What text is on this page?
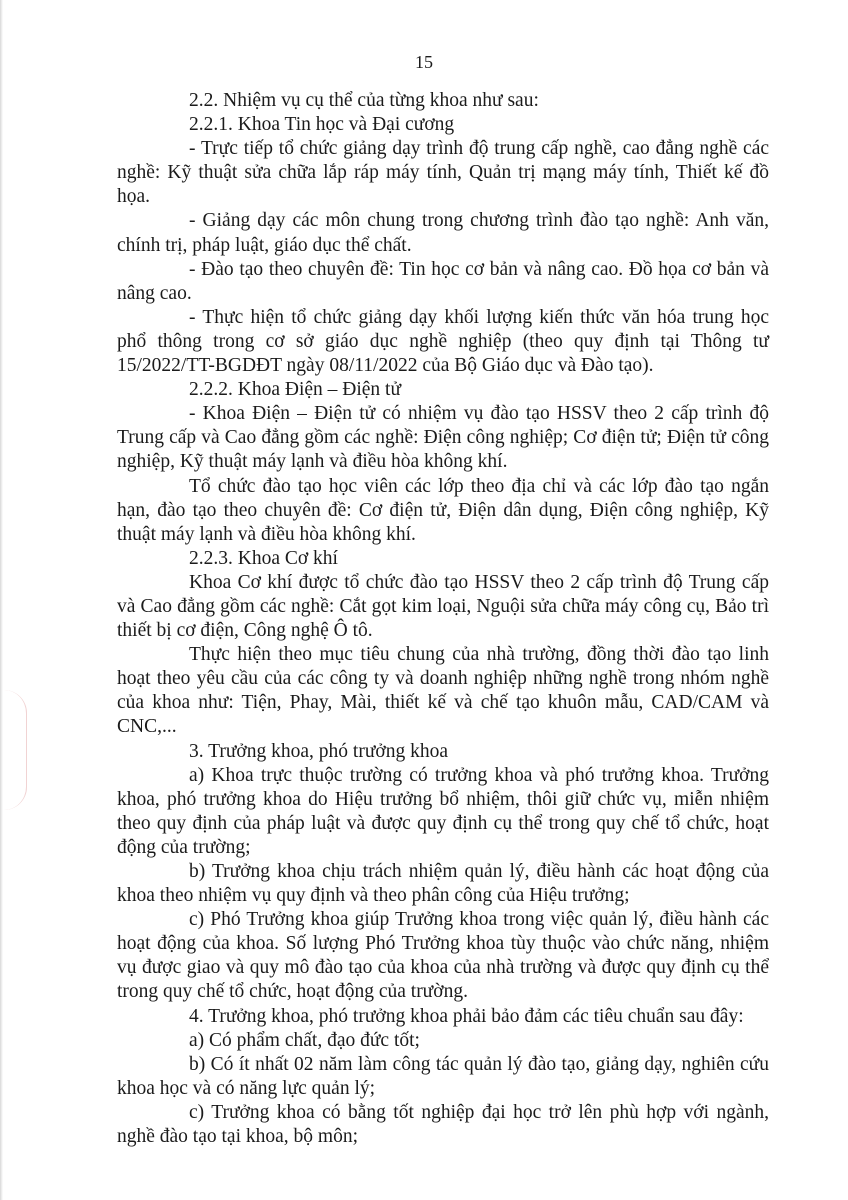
15

2.2. Nhiệm vụ cụ thể của từng khoa như sau:

2.2.1. Khoa Tin học và Đại cương

- Trực tiếp tổ chức giảng dạy trình độ trung cấp nghề, cao đẳng nghề các nghề: Kỹ thuật sửa chữa lắp ráp máy tính, Quản trị mạng máy tính, Thiết kế đồ họa.

- Giảng dạy các môn chung trong chương trình đào tạo nghề: Anh văn, chính trị, pháp luật, giáo dục thể chất.

- Đào tạo theo chuyên đề: Tin học cơ bản và nâng cao. Đồ họa cơ bản và nâng cao.

- Thực hiện tổ chức giảng dạy khối lượng kiến thức văn hóa trung học phổ thông trong cơ sở giáo dục nghề nghiệp (theo quy định tại Thông tư 15/2022/TT-BGDĐT ngày 08/11/2022 của Bộ Giáo dục và Đào tạo).

2.2.2. Khoa Điện – Điện tử

- Khoa Điện – Điện tử có nhiệm vụ đào tạo HSSV theo 2 cấp trình độ Trung cấp và Cao đẳng gồm các nghề: Điện công nghiệp; Cơ điện tử; Điện tử công nghiệp, Kỹ thuật máy lạnh và điều hòa không khí.

Tổ chức đào tạo học viên các lớp theo địa chỉ và các lớp đào tạo ngắn hạn, đào tạo theo chuyên đề: Cơ điện tử, Điện dân dụng, Điện công nghiệp, Kỹ thuật máy lạnh và điều hòa không khí.

2.2.3. Khoa Cơ khí

Khoa Cơ khí được tổ chức đào tạo HSSV theo 2 cấp trình độ Trung cấp và Cao đẳng gồm các nghề: Cắt gọt kim loại, Nguội sửa chữa máy công cụ, Bảo trì thiết bị cơ điện, Công nghệ Ô tô.

Thực hiện theo mục tiêu chung của nhà trường, đồng thời đào tạo linh hoạt theo yêu cầu của các công ty và doanh nghiệp những nghề trong nhóm nghề của khoa như: Tiện, Phay, Mài, thiết kế và chế tạo khuôn mẫu, CAD/CAM và CNC,...

3. Trưởng khoa, phó trưởng khoa

a) Khoa trực thuộc trường có trưởng khoa và phó trưởng khoa. Trưởng khoa, phó trưởng khoa do Hiệu trưởng bổ nhiệm, thôi giữ chức vụ, miễn nhiệm theo quy định của pháp luật và được quy định cụ thể trong quy chế tổ chức, hoạt động của trường;

b) Trưởng khoa chịu trách nhiệm quản lý, điều hành các hoạt động của khoa theo nhiệm vụ quy định và theo phân công của Hiệu trưởng;

c) Phó Trưởng khoa giúp Trưởng khoa trong việc quản lý, điều hành các hoạt động của khoa. Số lượng Phó Trưởng khoa tùy thuộc vào chức năng, nhiệm vụ được giao và quy mô đào tạo của khoa của nhà trường và được quy định cụ thể trong quy chế tổ chức, hoạt động của trường.

4. Trưởng khoa, phó trưởng khoa phải bảo đảm các tiêu chuẩn sau đây:

a) Có phẩm chất, đạo đức tốt;

b) Có ít nhất 02 năm làm công tác quản lý đào tạo, giảng dạy, nghiên cứu khoa học và có năng lực quản lý;

c) Trưởng khoa có bằng tốt nghiệp đại học trở lên phù hợp với ngành, nghề đào tạo tại khoa, bộ môn;
